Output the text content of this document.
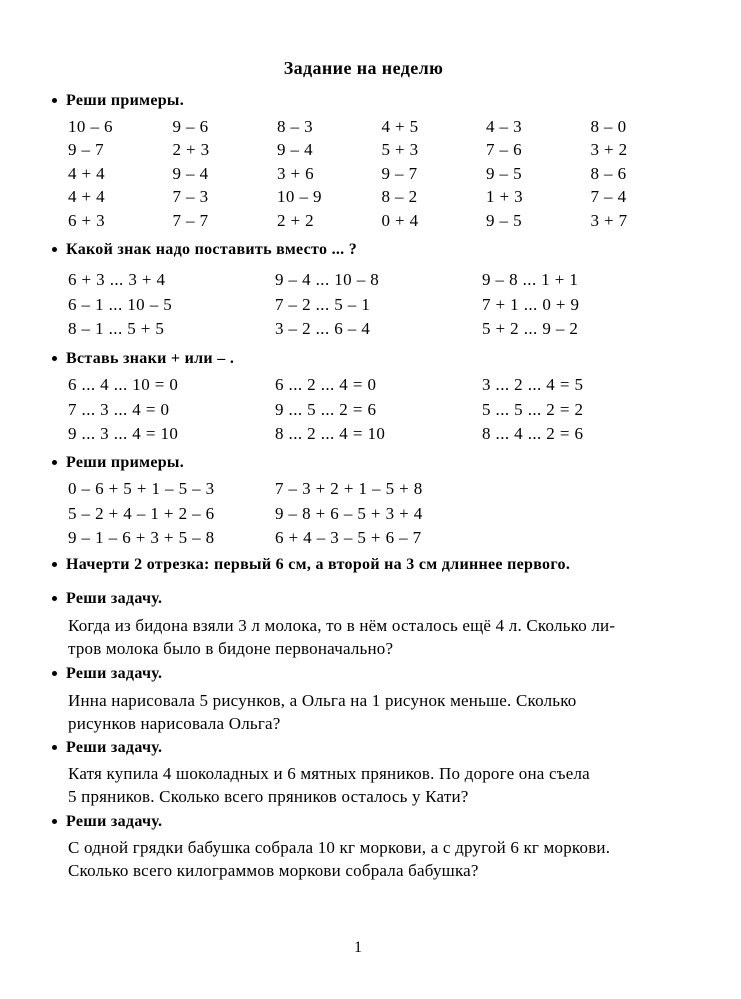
Задание на неделю
Реши примеры.
10 – 6	9 – 6	8 – 3	4 + 5	4 – 3	8 – 0
9 – 7	2 + 3	9 – 4	5 + 3	7 – 6	3 + 2
4 + 4	9 – 4	3 + 6	9 – 7	9 – 5	8 – 6
4 + 4	7 – 3	10 – 9	8 – 2	1 + 3	7 – 4
6 + 3	7 – 7	2 + 2	0 + 4	9 – 5	3 + 7
Какой знак надо поставить вместо ... ?
6 + 3 ... 3 + 4	9 – 4 ... 10 – 8	9 – 8 ... 1 + 1
6 – 1 ... 10 – 5	7 – 2 ... 5 – 1	7 + 1 ... 0 + 9
8 – 1 ... 5 + 5	3 – 2 ... 6 – 4	5 + 2 ... 9 – 2
Вставь знаки + или – .
6 ... 4 ... 10 = 0	6 ... 2 ... 4 = 0	3 ... 2 ... 4 = 5
7 ... 3 ... 4 = 0	9 ... 5 ... 2 = 6	5 ... 5 ... 2 = 2
9 ... 3 ... 4 = 10	8 ... 2 ... 4 = 10	8 ... 4 ... 2 = 6
Реши примеры.
0 – 6 + 5 + 1 – 5 – 3	7 – 3 + 2 + 1 – 5 + 8
5 – 2 + 4 – 1 + 2 – 6	9 – 8 + 6 – 5 + 3 + 4
9 – 1 – 6 + 3 + 5 – 8	6 + 4 – 3 – 5 + 6 – 7
Начерти 2 отрезка: первый 6 см, а второй на 3 см длиннее первого.
Реши задачу.
Когда из бидона взяли 3 л молока, то в нём осталось ещё 4 л. Сколько ли-
тров молока было в бидоне первоначально?
Реши задачу.
Инна нарисовала 5 рисунков, а Ольга на 1 рисунок меньше. Сколько
рисунков нарисовала Ольга?
Реши задачу.
Катя купила 4 шоколадных и 6 мятных пряников. По дороге она съела
5 пряников. Сколько всего пряников осталось у Кати?
Реши задачу.
С одной грядки бабушка собрала 10 кг моркови, а с другой 6 кг моркови.
Сколько всего килограммов моркови собрала бабушка?
1
